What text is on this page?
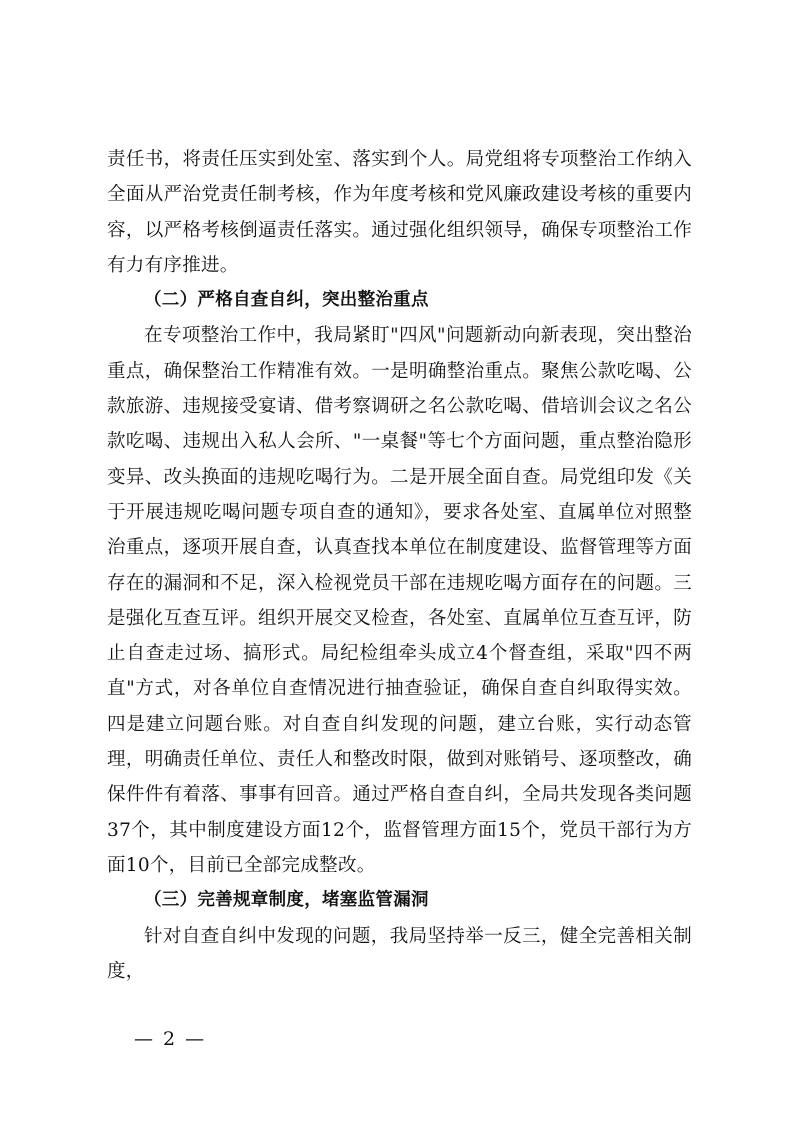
责任书，将责任压实到处室、落实到个人。局党组将专项整治工作纳入全面从严治党责任制考核，作为年度考核和党风廉政建设考核的重要内容，以严格考核倒逼责任落实。通过强化组织领导，确保专项整治工作有力有序推进。

（二）严格自查自纠，突出整治重点

在专项整治工作中，我局紧盯"四风"问题新动向新表现，突出整治重点，确保整治工作精准有效。一是明确整治重点。聚焦公款吃喝、公款旅游、违规接受宴请、借考察调研之名公款吃喝、借培训会议之名公款吃喝、违规出入私人会所、"一桌餐"等七个方面问题，重点整治隐形变异、改头换面的违规吃喝行为。二是开展全面自查。局党组印发《关于开展违规吃喝问题专项自查的通知》，要求各处室、直属单位对照整治重点，逐项开展自查，认真查找本单位在制度建设、监督管理等方面存在的漏洞和不足，深入检视党员干部在违规吃喝方面存在的问题。三是强化互查互评。组织开展交叉检查，各处室、直属单位互查互评，防止自查走过场、搞形式。局纪检组牵头成立4个督查组，采取"四不两直"方式，对各单位自查情况进行抽查验证，确保自查自纠取得实效。四是建立问题台账。对自查自纠发现的问题，建立台账，实行动态管理，明确责任单位、责任人和整改时限，做到对账销号、逐项整改，确保件件有着落、事事有回音。通过严格自查自纠，全局共发现各类问题37个，其中制度建设方面12个，监督管理方面15个，党员干部行为方面10个，目前已全部完成整改。

（三）完善规章制度，堵塞监管漏洞

针对自查自纠中发现的问题，我局坚持举一反三，健全完善相关制度，

— 2 —
